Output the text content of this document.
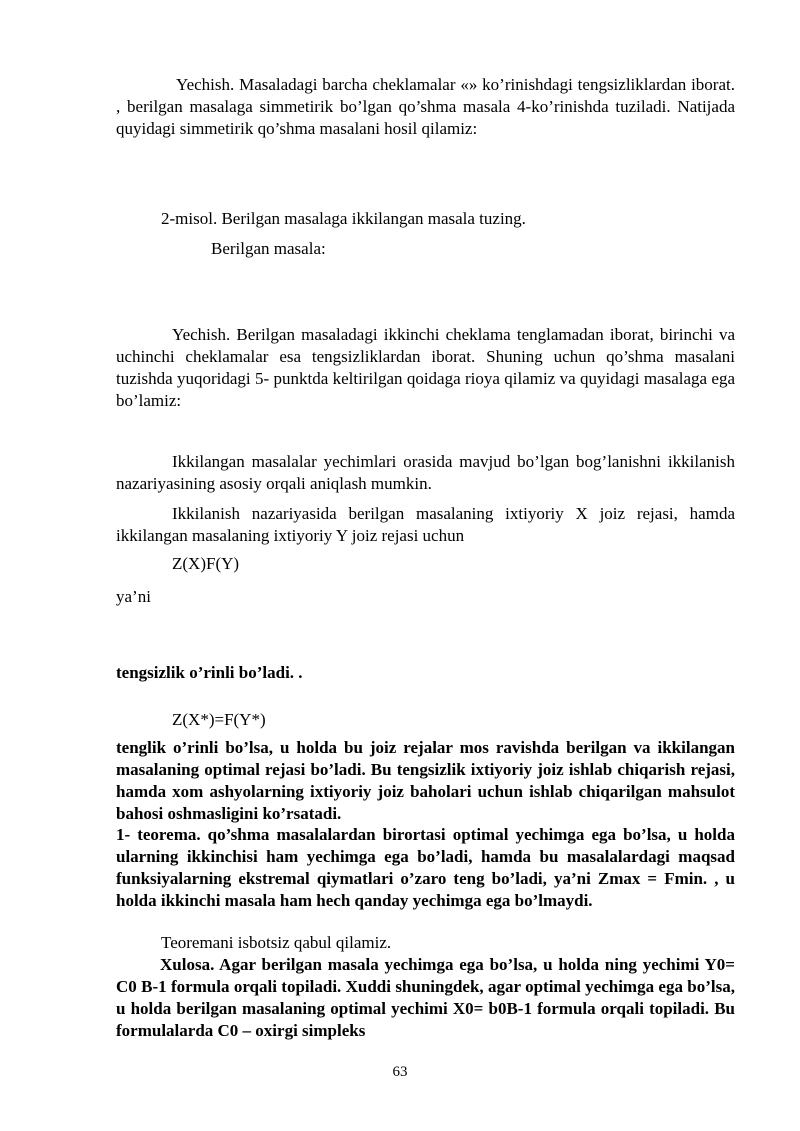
Yechish. Masaladagi barcha cheklamalar «» ko’rinishdagi tengsizliklardan iborat. , berilgan masalaga simmetirik bo’lgan qo’shma masala 4-ko’rinishda tuziladi. Natijada quyidagi simmetirik qo’shma masalani hosil qilamiz:

2-misol. Berilgan masalaga ikkilangan masala tuzing.

Berilgan masala:

Yechish. Berilgan masaladagi ikkinchi cheklama tenglamadan iborat, birinchi va uchinchi cheklamalar esa tengsizliklardan iborat. Shuning uchun qo’shma masalani tuzishda yuqoridagi 5- punktda keltirilgan qoidaga rioya qilamiz va quyidagi masalaga ega bo’lamiz:

Ikkilangan masalalar yechimlari orasida mavjud bo’lgan bog’lanishni ikkilanish nazariyasining asosiy orqali aniqlash mumkin.

Ikkilanish nazariyasida berilgan masalaning ixtiyoriy X joiz rejasi, hamda ikkilangan masalaning ixtiyoriy Y joiz rejasi uchun

Z(X)F(Y)

ya’ni

tengsizlik o’rinli bo’ladi. .

Z(X*)=F(Y*)

tenglik o’rinli bo’lsa, u holda bu joiz rejalar mos ravishda berilgan va ikkilangan masalaning optimal rejasi bo’ladi. Bu tengsizlik ixtiyoriy joiz ishlab chiqarish rejasi, hamda xom ashyolarning ixtiyoriy joiz baholari uchun ishlab chiqarilgan mahsulot bahosi oshmasligini ko’rsatadi.

1- teorema. qo’shma masalalardan birortasi optimal yechimga ega bo’lsa, u holda ularning ikkinchisi ham yechimga ega bo’ladi, hamda bu masalalardagi maqsad funksiyalarning ekstremal qiymatlari o’zaro teng bo’ladi, ya’ni Zmax = Fmin. , u holda ikkinchi masala ham hech qanday yechimga ega bo’lmaydi.

Teoremani isbotsiz qabul qilamiz.

Xulosa. Agar berilgan masala yechimga ega bo’lsa, u holda ning yechimi Y0= C0 B-1 formula orqali topiladi. Xuddi shuningdek, agar optimal yechimga ega bo’lsa, u holda berilgan masalaning optimal yechimi X0= b0B-1 formula orqali topiladi. Bu formulalarda C0 – oxirgi simpleks

63
